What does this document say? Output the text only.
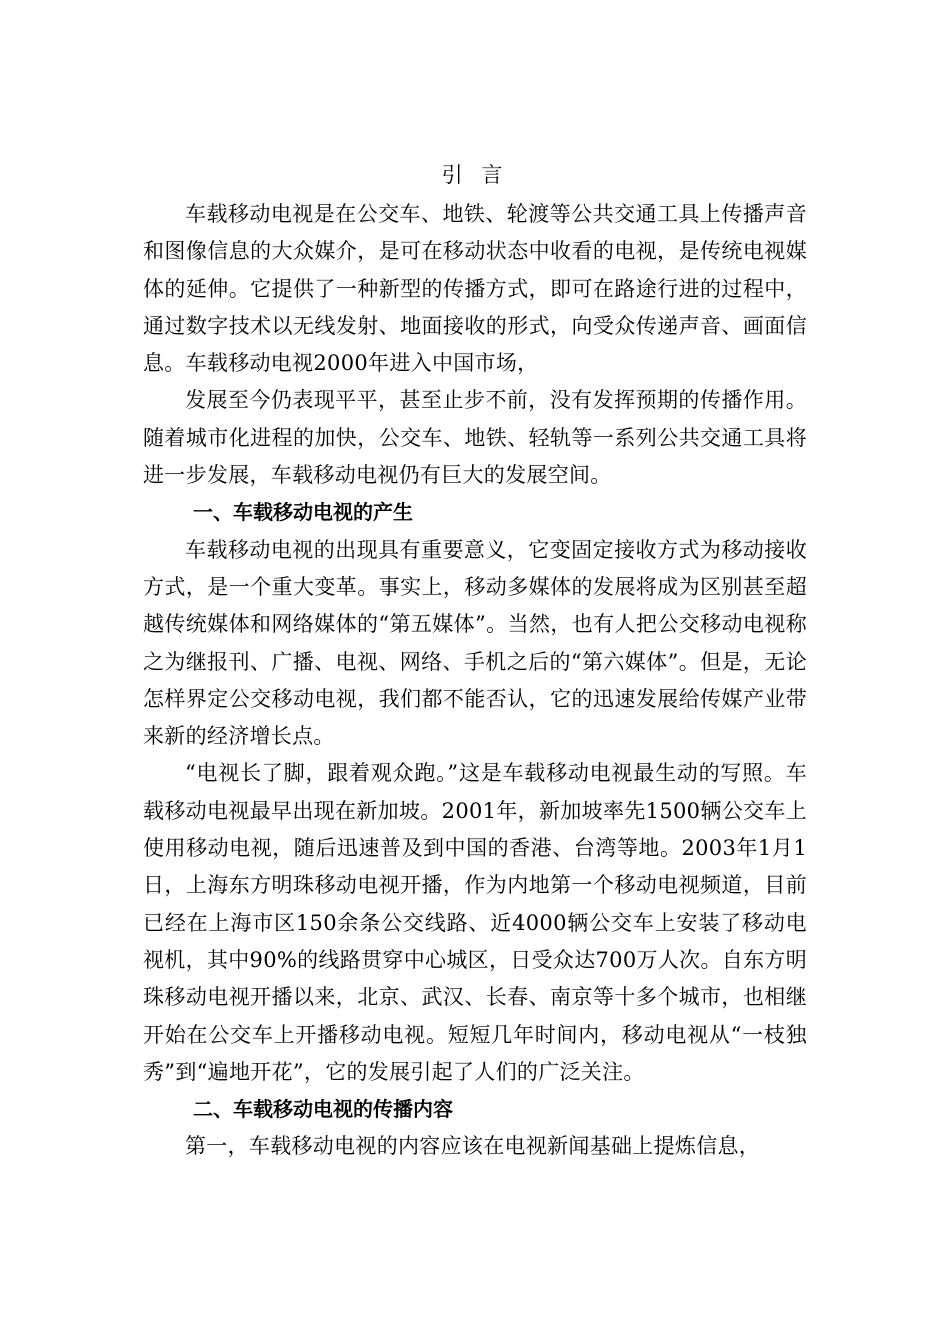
引 言

车载移动电视是在公交车、地铁、轮渡等公共交通工具上传播声音和图像信息的大众媒介，是可在移动状态中收看的电视，是传统电视媒体的延伸。它提供了一种新型的传播方式，即可在路途行进的过程中，通过数字技术以无线发射、地面接收的形式，向受众传递声音、画面信息。车载移动电视2000年进入中国市场，

发展至今仍表现平平，甚至止步不前，没有发挥预期的传播作用。随着城市化进程的加快，公交车、地铁、轻轨等一系列公共交通工具将进一步发展，车载移动电视仍有巨大的发展空间。

一、车载移动电视的产生

车载移动电视的出现具有重要意义，它变固定接收方式为移动接收方式，是一个重大变革。事实上，移动多媒体的发展将成为区别甚至超越传统媒体和网络媒体的“第五媒体”。当然，也有人把公交移动电视称之为继报刊、广播、电视、网络、手机之后的“第六媒体”。但是，无论怎样界定公交移动电视，我们都不能否认，它的迅速发展给传媒产业带来新的经济增长点。

“电视长了脚，跟着观众跑。”这是车载移动电视最生动的写照。车载移动电视最早出现在新加坡。2001年，新加坡率先1500辆公交车上使用移动电视，随后迅速普及到中国的香港、台湾等地。2003年1月1日，上海东方明珠移动电视开播，作为内地第一个移动电视频道，目前已经在上海市区150余条公交线路、近4000辆公交车上安装了移动电视机，其中90%的线路贯穿中心城区，日受众达700万人次。自东方明珠移动电视开播以来，北京、武汉、长春、南京等十多个城市，也相继开始在公交车上开播移动电视。短短几年时间内，移动电视从“一枝独秀”到“遍地开花”，它的发展引起了人们的广泛关注。

二、车载移动电视的传播内容

第一，车载移动电视的内容应该在电视新闻基础上提炼信息，
